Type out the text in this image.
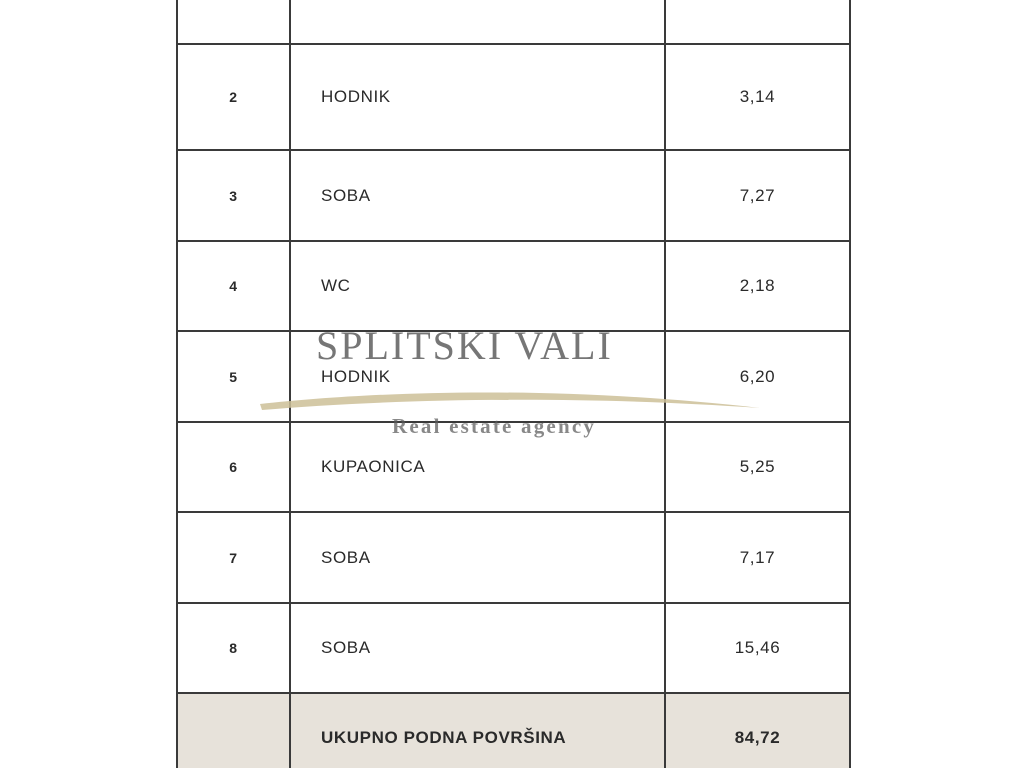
2	HODNIK	3,14
3	SOBA	7,27
4	WC	2,18
5	HODNIK	6,20
6	KUPAONICA	5,25
7	SOBA	7,17
8	SOBA	15,46
UKUPNO PODNA POVRŠINA	84,72
SPLITSKI VALI
Real estate agency
